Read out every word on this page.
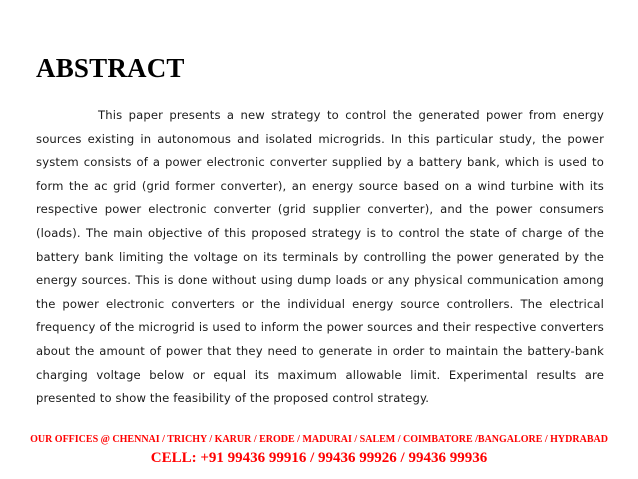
ABSTRACT

This paper presents a new strategy to control the generated power from energy sources existing in autonomous and isolated microgrids. In this particular study, the power system consists of a power electronic converter supplied by a battery bank, which is used to form the ac grid (grid former converter), an energy source based on a wind turbine with its respective power electronic converter (grid supplier converter), and the power consumers (loads). The main objective of this proposed strategy is to control the state of charge of the battery bank limiting the voltage on its terminals by controlling the power generated by the energy sources. This is done without using dump loads or any physical communication among the power electronic converters or the individual energy source controllers. The electrical frequency of the microgrid is used to inform the power sources and their respective converters about the amount of power that they need to generate in order to maintain the battery-bank charging voltage below or equal its maximum allowable limit. Experimental results are presented to show the feasibility of the proposed control strategy.

OUR OFFICES @ CHENNAI / TRICHY / KARUR / ERODE / MADURAI / SALEM / COIMBATORE /BANGALORE / HYDRABAD
CELL: +91 99436 99916 / 99436 99926 / 99436 99936
